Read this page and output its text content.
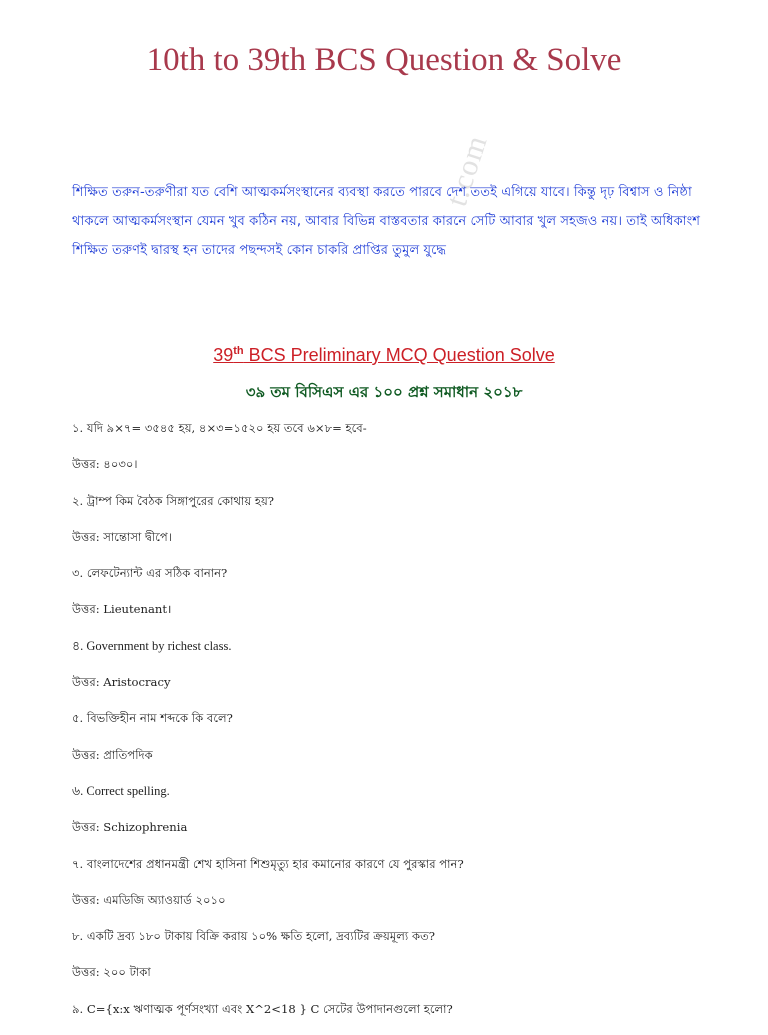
10th to 39th BCS Question & Solve
t.com

শিক্ষিত তরুন-তরুণীরা যত বেশি আত্মকর্মসংস্থানের ব্যবস্থা করতে পারবে দেশ ততই এগিয়ে যাবে। কিন্তু দৃঢ় বিশ্বাস ও নিষ্ঠা
থাকলে আত্মকর্মসংস্থান যেমন খুব কঠিন নয়, আবার বিভিন্ন বাস্তবতার কারনে সেটি আবার খুল সহজও নয়। তাই অধিকাংশ
শিক্ষিত তরুণই দ্বারস্থ হন তাদের পছন্দসই কোন চাকরি প্রাপ্তির তুমুল যুদ্ধে

39th BCS Preliminary MCQ Question Solve
৩৯ তম বিসিএস এর ১০০ প্রশ্ন সমাধান ২০১৮
১. যদি ৯×৭= ৩৫৪৫ হয়, ৪×৩=১৫২০ হয় তবে ৬×৮= হবে-
উত্তর: ৪০৩০।
২. ট্রাম্প কিম বৈঠক সিঙ্গাপুরের কোথায় হয়?
উত্তর: সান্তোসা দ্বীপে।
৩. লেফটেন্যান্ট এর সঠিক বানান?
উত্তর: Lieutenant।
৪. Government by richest class.
উত্তর: Aristocracy
৫. বিভক্তিহীন নাম শব্দকে কি বলে?
উত্তর: প্রাতিপদিক
৬. Correct spelling.
উত্তর: Schizophrenia
৭. বাংলাদেশের প্রধানমন্ত্রী শেখ হাসিনা শিশুমৃত্যু হার কমানোর কারণে যে পুরস্কার পান?
উত্তর: এমডিজি অ্যাওয়ার্ড ২০১০
৮. একটি দ্রব্য ১৮০ টাকায় বিক্রি করায় ১০% ক্ষতি হলো, দ্রব্যটির ক্রয়মূল্য কত?
উত্তর: ২০০ টাকা
৯. C={x:x ঋণাত্মক পূর্ণসংখ্যা এবং X^2<18 } C সেটের উপাদানগুলো হলো?
